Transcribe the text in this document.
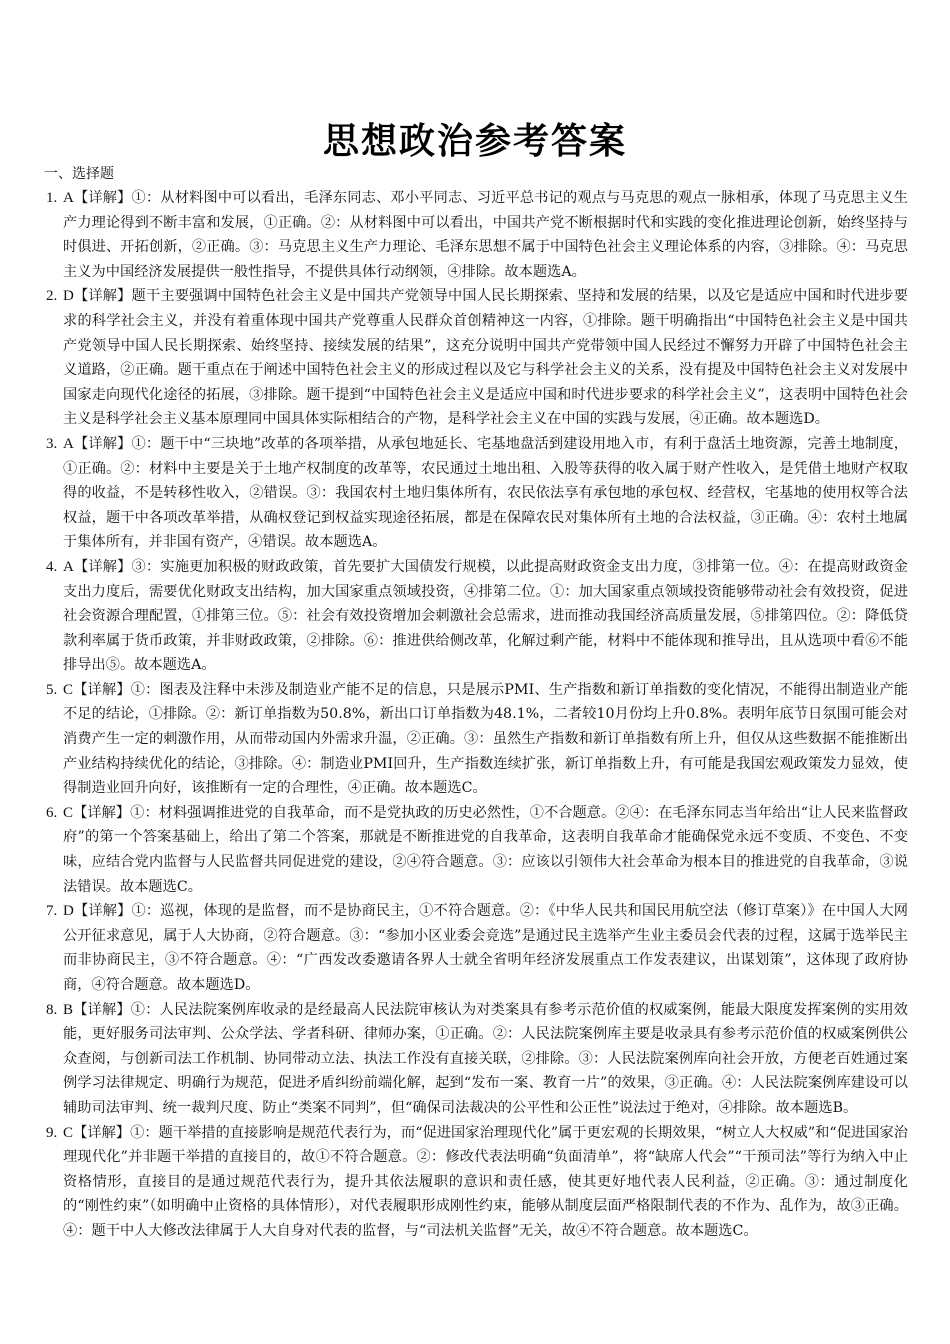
思想政治参考答案
一、选择题
1. A【详解】①：从材料图中可以看出，毛泽东同志、邓小平同志、习近平总书记的观点与马克思的观点一脉相承，体现了马克思主义生产力理论得到不断丰富和发展，①正确。②：从材料图中可以看出，中国共产党不断根据时代和实践的变化推进理论创新，始终坚持与时俱进、开拓创新，②正确。③：马克思主义生产力理论、毛泽东思想不属于中国特色社会主义理论体系的内容，③排除。④：马克思主义为中国经济发展提供一般性指导，不提供具体行动纲领，④排除。故本题选A。
2. D【详解】题干主要强调中国特色社会主义是中国共产党领导中国人民长期探索、坚持和发展的结果，以及它是适应中国和时代进步要求的科学社会主义，并没有着重体现中国共产党尊重人民群众首创精神这一内容，①排除。题干明确指出“中国特色社会主义是中国共产党领导中国人民长期探索、始终坚持、接续发展的结果”，这充分说明中国共产党带领中国人民经过不懈努力开辟了中国特色社会主义道路，②正确。题干重点在于阐述中国特色社会主义的形成过程以及它与科学社会主义的关系，没有提及中国特色社会主义对发展中国家走向现代化途径的拓展，③排除。题干提到“中国特色社会主义是适应中国和时代进步要求的科学社会主义”，这表明中国特色社会主义是科学社会主义基本原理同中国具体实际相结合的产物，是科学社会主义在中国的实践与发展，④正确。故本题选D。
3. A【详解】①：题干中“三块地”改革的各项举措，从承包地延长、宅基地盘活到建设用地入市，有利于盘活土地资源，完善土地制度，①正确。②：材料中主要是关于土地产权制度的改革等，农民通过土地出租、入股等获得的收入属于财产性收入，是凭借土地财产权取得的收益，不是转移性收入，②错误。③：我国农村土地归集体所有，农民依法享有承包地的承包权、经营权，宅基地的使用权等合法权益，题干中各项改革举措，从确权登记到权益实现途径拓展，都是在保障农民对集体所有土地的合法权益，③正确。④：农村土地属于集体所有，并非国有资产，④错误。故本题选A。
4. A【详解】③：实施更加积极的财政政策，首先要扩大国债发行规模，以此提高财政资金支出力度，③排第一位。④：在提高财政资金支出力度后，需要优化财政支出结构，加大国家重点领域投资，④排第二位。①：加大国家重点领域投资能够带动社会有效投资，促进社会资源合理配置，①排第三位。⑤：社会有效投资增加会刺激社会总需求，进而推动我国经济高质量发展，⑤排第四位。②：降低贷款利率属于货币政策，并非财政政策，②排除。⑥：推进供给侧改革，化解过剩产能，材料中不能体现和推导出，且从选项中看⑥不能排导出⑤。故本题选A。
5. C【详解】①：图表及注释中未涉及制造业产能不足的信息，只是展示PMI、生产指数和新订单指数的变化情况，不能得出制造业产能不足的结论，①排除。②：新订单指数为50.8%，新出口订单指数为48.1%，二者较10月份均上升0.8%。表明年底节日氛围可能会对消费产生一定的刺激作用，从而带动国内外需求升温，②正确。③：虽然生产指数和新订单指数有所上升，但仅从这些数据不能推断出产业结构持续优化的结论，③排除。④：制造业PMI回升，生产指数连续扩张，新订单指数上升，有可能是我国宏观政策发力显效，使得制造业回升向好，该推断有一定的合理性，④正确。故本题选C。
6. C【详解】①：材料强调推进党的自我革命，而不是党执政的历史必然性，①不合题意。②④：在毛泽东同志当年给出“让人民来监督政府”的第一个答案基础上，给出了第二个答案，那就是不断推进党的自我革命，这表明自我革命才能确保党永远不变质、不变色、不变味，应结合党内监督与人民监督共同促进党的建设，②④符合题意。③：应该以引领伟大社会革命为根本目的推进党的自我革命，③说法错误。故本题选C。
7. D【详解】①：巡视，体现的是监督，而不是协商民主，①不符合题意。②：《中华人民共和国民用航空法（修订草案）》在中国人大网公开征求意见，属于人大协商，②符合题意。③：“参加小区业委会竞选”是通过民主选举产生业主委员会代表的过程，这属于选举民主而非协商民主，③不符合题意。④：“广西发改委邀请各界人士就全省明年经济发展重点工作发表建议，出谋划策”，这体现了政府协商，④符合题意。故本题选D。
8. B【详解】①：人民法院案例库收录的是经最高人民法院审核认为对类案具有参考示范价值的权威案例，能最大限度发挥案例的实用效能，更好服务司法审判、公众学法、学者科研、律师办案，①正确。②：人民法院案例库主要是收录具有参考示范价值的权威案例供公众查阅，与创新司法工作机制、协同带动立法、执法工作没有直接关联，②排除。③：人民法院案例库向社会开放，方便老百姓通过案例学习法律规定、明确行为规范，促进矛盾纠纷前端化解，起到“发布一案、教育一片”的效果，③正确。④：人民法院案例库建设可以辅助司法审判、统一裁判尺度、防止“类案不同判”，但“确保司法裁决的公平性和公正性”说法过于绝对，④排除。故本题选B。
9. C【详解】①：题干举措的直接影响是规范代表行为，而“促进国家治理现代化”属于更宏观的长期效果，“树立人大权威”和“促进国家治理现代化”并非题干举措的直接目的，故①不符合题意。②：修改代表法明确“负面清单”，将“缺席人代会”“干预司法”等行为纳入中止资格情形，直接目的是通过规范代表行为，提升其依法履职的意识和责任感，使其更好地代表人民利益，②正确。③：通过制度化的“刚性约束”（如明确中止资格的具体情形），对代表履职形成刚性约束，能够从制度层面严格限制代表的不作为、乱作为，故③正确。④：题干中人大修改法律属于人大自身对代表的监督，与“司法机关监督”无关，故④不符合题意。故本题选C。
